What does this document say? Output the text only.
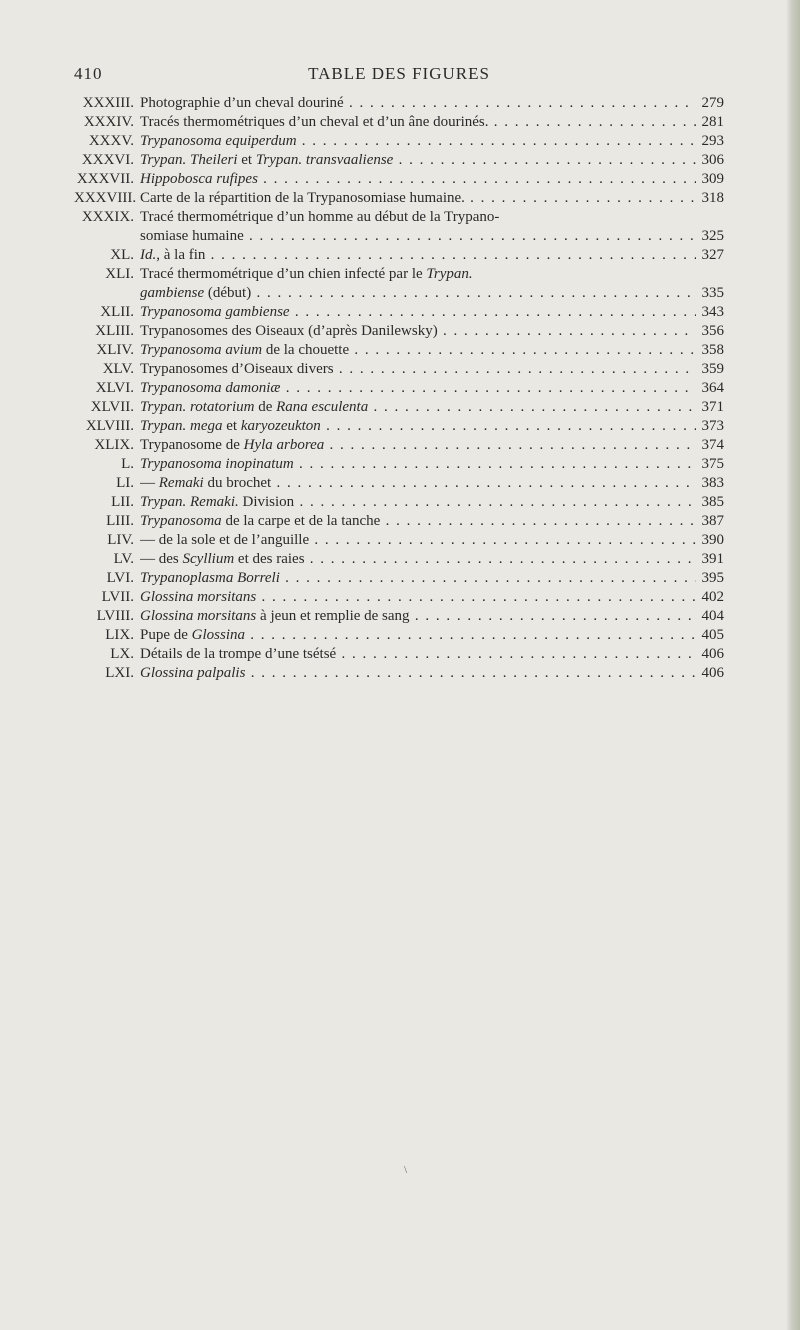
410	TABLE DES FIGURES
XXXIII. Photographie d’un cheval douriné . . .	279
XXXIV. Tracés thermométriques d’un cheval et d’un âne dourinés. . . .	281
XXXV. Trypanosoma equiperdum . . .	293
XXXVI. Trypan. Theileri et Trypan. transvaaliense . . .	306
XXXVII. Hippobosca rufipes . . .	309
XXXVIII. Carte de la répartition de la Trypanosomiase humaine. . . .	318
XXXIX. Tracé thermométrique d’un homme au début de la Trypano-
somiase humaine . . .	325
XL. Id., à la fin . . .	327
XLI. Tracé thermométrique d’un chien infecté par le Trypan.
gambiense (début) . . .	335
XLII. Trypanosoma gambiense . . .	343
XLIII. Trypanosomes des Oiseaux (d’après Danilewsky) . . .	356
XLIV. Trypanosoma avium de la chouette . . .	358
XLV. Trypanosomes d’Oiseaux divers . . .	359
XLVI. Trypanosoma damoniæ . . .	364
XLVII. Trypan. rotatorium de Rana esculenta . . .	371
XLVIII. Trypan. mega et karyozeukton . . .	373
XLIX. Trypanosome de Hyla arborea . . .	374
L. Trypanosoma inopinatum . . .	375
LI. — Remaki du brochet . . .	383
LII. Trypan. Remaki. Division . . .	385
LIII. Trypanosoma de la carpe et de la tanche . . .	387
LIV. — de la sole et de l’anguille . . .	390
LV. — des Scyllium et des raies . . .	391
LVI. Trypanoplasma Borreli . . .	395
LVII. Glossina morsitans . . .	402
LVIII. Glossina morsitans à jeun et remplie de sang . . .	404
LIX. Pupe de Glossina . . .	405
LX. Détails de la trompe d’une tsétsé . . .	406
LXI. Glossina palpalis . . .	406
\
